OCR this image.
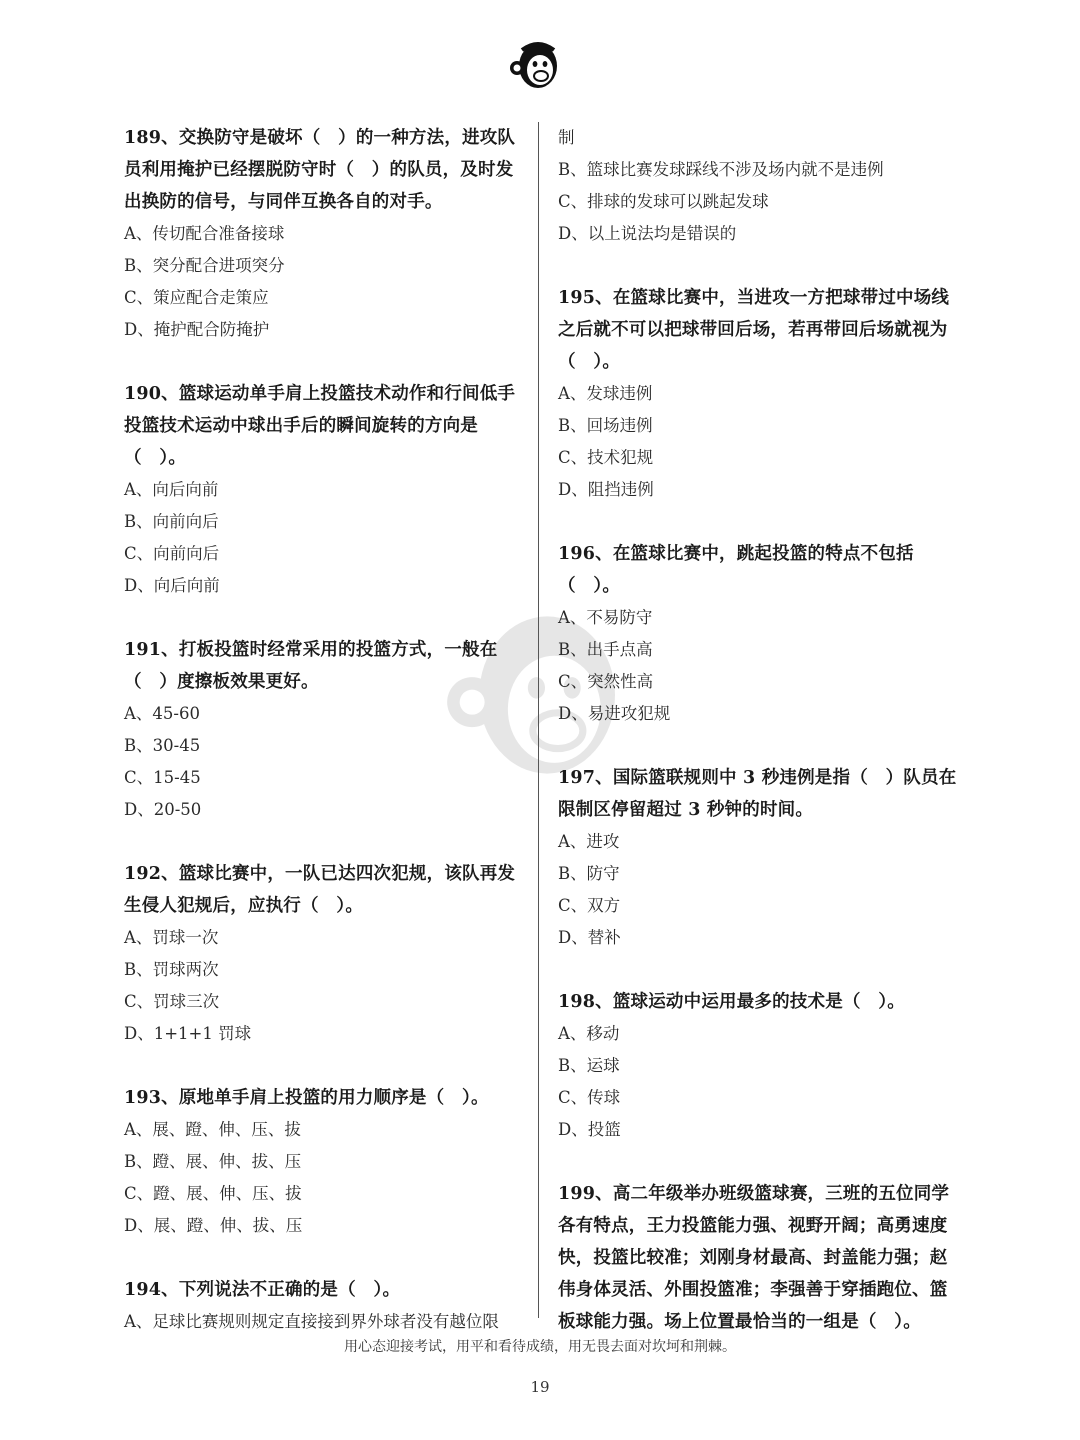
189、交换防守是破坏（　）的一种方法，进攻队员利用掩护已经摆脱防守时（　）的队员，及时发出换防的信号，与同伴互换各自的对手。
A、传切配合准备接球
B、突分配合进项突分
C、策应配合走策应
D、掩护配合防掩护
190、篮球运动单手肩上投篮技术动作和行间低手投篮技术运动中球出手后的瞬间旋转的方向是（　）。
A、向后向前
B、向前向后
C、向前向后
D、向后向前
191、打板投篮时经常采用的投篮方式，一般在（　）度擦板效果更好。
A、45-60
B、30-45
C、15-45
D、20-50
192、篮球比赛中，一队已达四次犯规，该队再发生侵人犯规后，应执行（　）。
A、罚球一次
B、罚球两次
C、罚球三次
D、1+1+1 罚球
193、原地单手肩上投篮的用力顺序是（　）。
A、展、蹬、伸、压、拔
B、蹬、展、伸、拔、压
C、蹬、展、伸、压、拔
D、展、蹬、伸、拔、压
194、下列说法不正确的是（　）。
A、足球比赛规则规定直接接到界外球者没有越位限
制
B、篮球比赛发球踩线不涉及场内就不是违例
C、排球的发球可以跳起发球
D、以上说法均是错误的
195、在篮球比赛中，当进攻一方把球带过中场线之后就不可以把球带回后场，若再带回后场就视为（　）。
A、发球违例
B、回场违例
C、技术犯规
D、阻挡违例
196、在篮球比赛中，跳起投篮的特点不包括（　）。
A、不易防守
B、出手点高
C、突然性高
D、易进攻犯规
197、国际篮联规则中 3 秒违例是指（　）队员在限制区停留超过 3 秒钟的时间。
A、进攻
B、防守
C、双方
D、替补
198、篮球运动中运用最多的技术是（　）。
A、移动
B、运球
C、传球
D、投篮
199、高二年级举办班级篮球赛，三班的五位同学各有特点，王力投篮能力强、视野开阔；高勇速度快，投篮比较准；刘刚身材最高、封盖能力强；赵伟身体灵活、外围投篮准；李强善于穿插跑位、篮板球能力强。场上位置最恰当的一组是（　）。
用心态迎接考试，用平和看待成绩，用无畏去面对坎坷和荆棘。
19
